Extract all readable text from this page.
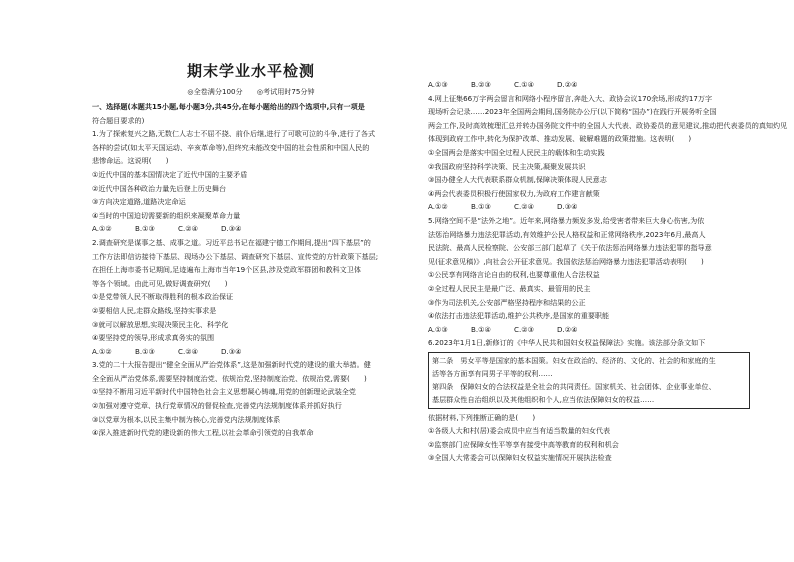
期末学业水平检测
◎全卷满分100分 ◎考试用时75分钟
一、选择题(本题共15小题,每小题3分,共45分,在每小题给出的四个选项中,只有一项是
符合题目要求的)
1.为了探索复兴之路,无数仁人志士不屈不挠、前仆后继,进行了可歌可泣的斗争,进行了各式
各样的尝试(如太平天国运动、辛亥革命等),但终究未能改变中国的社会性质和中国人民的
悲惨命运。这说明(　　)
①近代中国的基本国情决定了近代中国的主要矛盾
②近代中国各种政治力量先后登上历史舞台
③方向决定道路,道路决定命运
④当时的中国迫切需要新的组织来凝聚革命力量
A.①②	B.①③	C.②④	D.③④
2.调查研究是谋事之基、成事之道。习近平总书记在福建宁德工作期间,提出“四下基层”的
工作方法即信访接待下基层、现场办公下基层、调查研究下基层、宣传党的方针政策下基层;
在担任上海市委书记期间,足迹遍布上海市当年19个区县,涉及党政军群团和教科文卫体
等各个领域。由此可见,做好调查研究(　　)
①是党带领人民不断取得胜利的根本政治保证
②要相信人民,走群众路线,坚持实事求是
③就可以解放思想,实现决策民主化、科学化
④要坚持党的领导,形成求真务实的氛围
A.①②	B.①③	C.②④	D.③④
3.党的二十大报告提出“健全全面从严治党体系”,这是加强新时代党的建设的重大举措。健
全全面从严治党体系,需要坚持制度治党、依规治党,坚持制度治党、依规治党,需要(　　)
①坚持不断用习近平新时代中国特色社会主义思想凝心铸魂,用党的创新理论武装全党
②加强对遵守党章、执行党章情况的督促检查,完善党内法规制度体系并抓好执行
③以党章为根本,以民主集中制为核心,完善党内法规制度体系
④深入推进新时代党的建设新的伟大工程,以社会革命引领党的自我革命
A.①③	B.②③	C.①④	D.②④
4.网上征集66万字两会留言和网络小程序留言,奔赴入大、政协会议170余场,形成约17万字
现场听会记录……2023年全国两会期间,国务院办公厅(以下简称“国办”)在践行开展务听全国
两会工作,及时高效梳理汇总并转办国务院文件中的全国人大代表、政协委员的意见建议,推动把代表委员的真知灼见
体现到政府工作中,转化为保护改革、推动发展、破解难题的政策措施。这表明(　　)
①全国两会是落实中国全过程人民民主的载体和生动实践
②我国政府坚持科学决策、民主决策,凝聚发展共识
③国办健全人大代表联系群众机制,保障决策体现人民意志
④两会代表委员积极行使国家权力,为政府工作建言献策
A.①②	B.①③	C.②④	D.③④
5.网络空间不是“法外之地”。近年来,网络暴力频发多发,给受害者带来巨大身心伤害,为依
法惩治网络暴力违法犯罪活动,有效维护公民人格权益和正常网络秩序,2023年6月,最高人
民法院、最高人民检察院、公安部三部门起草了《关于依法惩治网络暴力违法犯罪的指导意
见(征求意见稿)》,向社会公开征求意见。我国依法惩治网络暴力违法犯罪活动表明(　　)
①公民享有网络言论自由的权利,也要尊重他人合法权益
②全过程人民民主是最广泛、最真实、最管用的民主
③作为司法机关,公安部严格坚持程序和结果的公正
④依法打击违法犯罪活动,维护公共秩序,是国家的重要职能
A.①③	B.①④	C.②③	D.②④
6.2023年1月1日,新修订的《中华人民共和国妇女权益保障法》实施。该法部分条文如下
第二条　男女平等是国家的基本国策。妇女在政治的、经济的、文化的、社会的和家庭的生
活等各方面享有同男子平等的权利……
第四条　保障妇女的合法权益是全社会的共同责任。国家机关、社会团体、企业事业单位、
基层群众性自治组织以及其他组织和个人,应当依法保障妇女的权益……
依据材料,下列推断正确的是(　　)
①各级人大和村(居)委会成员中应当有适当数量的妇女代表
②监察部门应保障女性平等享有接受中高等教育的权利和机会
③全国人大常委会可以保障妇女权益实施情况开展执法检查
